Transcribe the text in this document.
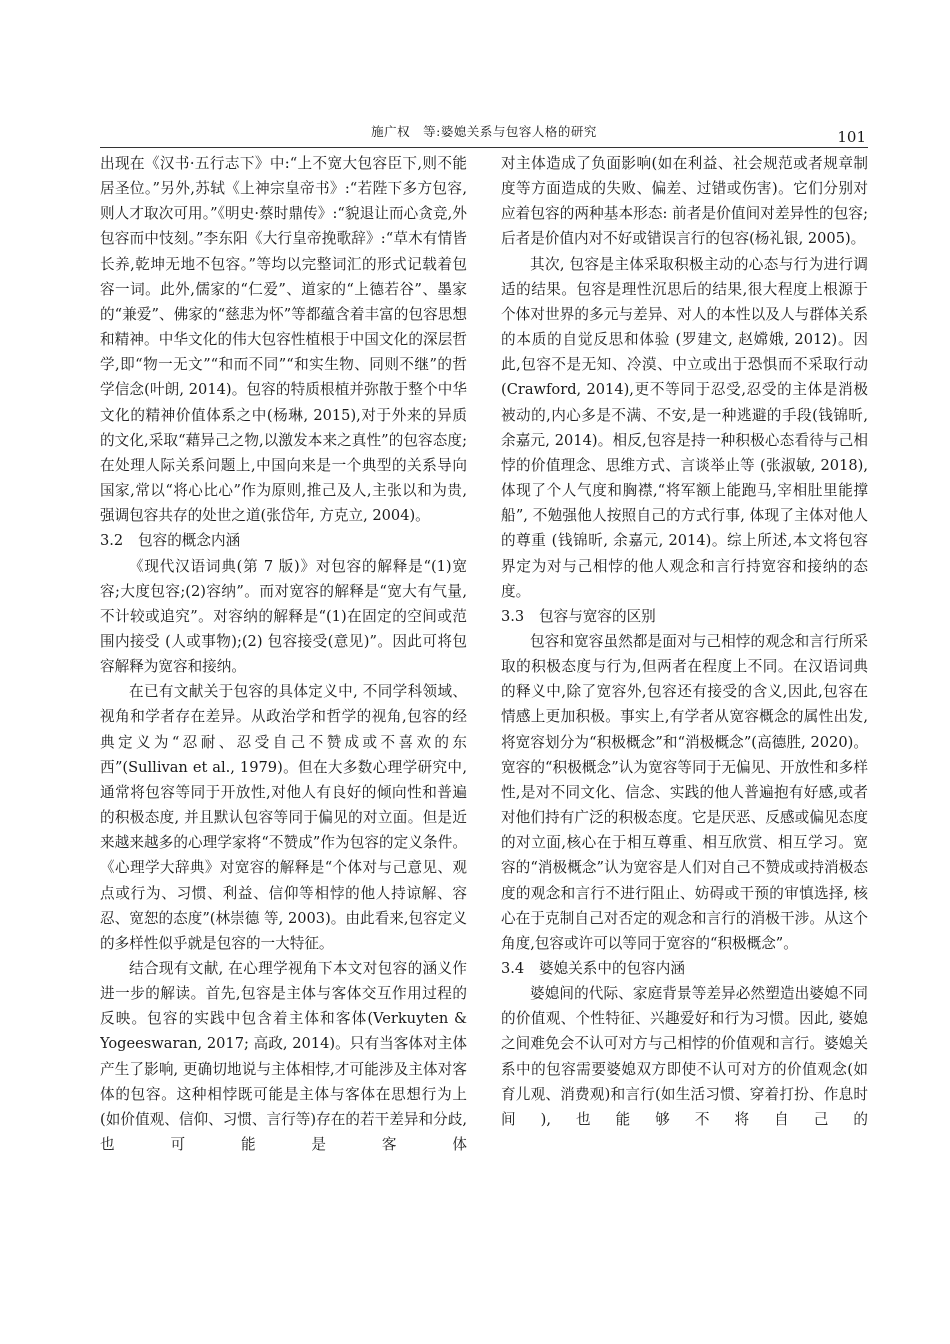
施广权　等:婆媳关系与包容人格的研究	101

出现在《汉书·五行志下》中:“上不宽大包容臣下,则不能居圣位。”另外,苏轼《上神宗皇帝书》:“若陛下多方包容,则人才取次可用。”《明史·蔡时鼎传》:“貌退让而心贪竞,外包容而中忮刻。”李东阳《大行皇帝挽歌辞》:“草木有情皆长养,乾坤无地不包容。”等均以完整词汇的形式记载着包容一词。此外,儒家的“仁爱”、道家的“上德若谷”、墨家的“兼爱”、佛家的“慈悲为怀”等都蕴含着丰富的包容思想和精神。中华文化的伟大包容性植根于中国文化的深层哲学,即“物一无文”“和而不同”“和实生物、同则不继”的哲学信念(叶朗, 2014)。包容的特质根植并弥散于整个中华文化的精神价值体系之中(杨琳, 2015),对于外来的异质的文化,采取“藉异己之物,以激发本来之真性”的包容态度;在处理人际关系问题上,中国向来是一个典型的关系导向国家,常以“将心比心”作为原则,推己及人,主张以和为贵,强调包容共存的处世之道(张岱年, 方克立, 2004)。

3.2 包容的概念内涵

《现代汉语词典(第 7 版)》对包容的解释是“(1)宽容;大度包容;(2)容纳”。而对宽容的解释是“宽大有气量,不计较或追究”。对容纳的解释是“(1)在固定的空间或范围内接受 (人或事物);(2) 包容接受(意见)”。因此可将包容解释为宽容和接纳。

在已有文献关于包容的具体定义中, 不同学科领域、视角和学者存在差异。从政治学和哲学的视角,包容的经典定义为“忍耐、忍受自己不赞成或不喜欢的东西”(Sullivan et al., 1979)。但在大多数心理学研究中,通常将包容等同于开放性,对他人有良好的倾向性和普遍的积极态度, 并且默认包容等同于偏见的对立面。但是近来越来越多的心理学家将“不赞成”作为包容的定义条件。《心理学大辞典》对宽容的解释是“个体对与己意见、观点或行为、习惯、利益、信仰等相悖的他人持谅解、容忍、宽恕的态度”(林崇德 等, 2003)。由此看来,包容定义的多样性似乎就是包容的一大特征。

结合现有文献, 在心理学视角下本文对包容的涵义作进一步的解读。首先,包容是主体与客体交互作用过程的反映。包容的实践中包含着主体和客体(Verkuyten & Yogeeswaran, 2017; 高政, 2014)。只有当客体对主体产生了影响, 更确切地说与主体相悖,才可能涉及主体对客体的包容。这种相悖既可能是主体与客体在思想行为上(如价值观、信仰、习惯、言行等)存在的若干差异和分歧,也可能是客体

对主体造成了负面影响(如在利益、社会规范或者规章制度等方面造成的失败、偏差、过错或伤害)。它们分别对应着包容的两种基本形态: 前者是价值间对差异性的包容; 后者是价值内对不好或错误言行的包容(杨礼银, 2005)。

其次, 包容是主体采取积极主动的心态与行为进行调适的结果。包容是理性沉思后的结果,很大程度上根源于个体对世界的多元与差异、对人的本性以及人与群体关系的本质的自觉反思和体验 (罗建文, 赵嫦娥, 2012)。因此,包容不是无知、冷漠、中立或出于恐惧而不采取行动 (Crawford, 2014),更不等同于忍受,忍受的主体是消极被动的,内心多是不满、不安,是一种逃避的手段(钱锦昕, 余嘉元, 2014)。相反,包容是持一种积极心态看待与己相悖的价值理念、思维方式、言谈举止等 (张淑敏, 2018), 体现了个人气度和胸襟,“将军额上能跑马,宰相肚里能撑船”, 不勉强他人按照自己的方式行事, 体现了主体对他人的尊重 (钱锦昕, 余嘉元, 2014)。综上所述,本文将包容界定为对与己相悖的他人观念和言行持宽容和接纳的态度。

3.3 包容与宽容的区别

包容和宽容虽然都是面对与己相悖的观念和言行所采取的积极态度与行为,但两者在程度上不同。在汉语词典的释义中,除了宽容外,包容还有接受的含义,因此,包容在情感上更加积极。事实上,有学者从宽容概念的属性出发,将宽容划分为“积极概念”和“消极概念”(高德胜, 2020)。宽容的“积极概念”认为宽容等同于无偏见、开放性和多样性,是对不同文化、信念、实践的他人普遍抱有好感,或者对他们持有广泛的积极态度。它是厌恶、反感或偏见态度的对立面,核心在于相互尊重、相互欣赏、相互学习。宽容的“消极概念”认为宽容是人们对自己不赞成或持消极态度的观念和言行不进行阻止、妨碍或干预的审慎选择, 核心在于克制自己对否定的观念和言行的消极干涉。从这个角度,包容或许可以等同于宽容的“积极概念”。

3.4 婆媳关系中的包容内涵

婆媳间的代际、家庭背景等差异必然塑造出婆媳不同的价值观、个性特征、兴趣爱好和行为习惯。因此, 婆媳之间难免会不认可对方与己相悖的价值观和言行。婆媳关系中的包容需要婆媳双方即使不认可对方的价值观念(如育儿观、消费观)和言行(如生活习惯、穿着打扮、作息时间),也能够不将自己的
